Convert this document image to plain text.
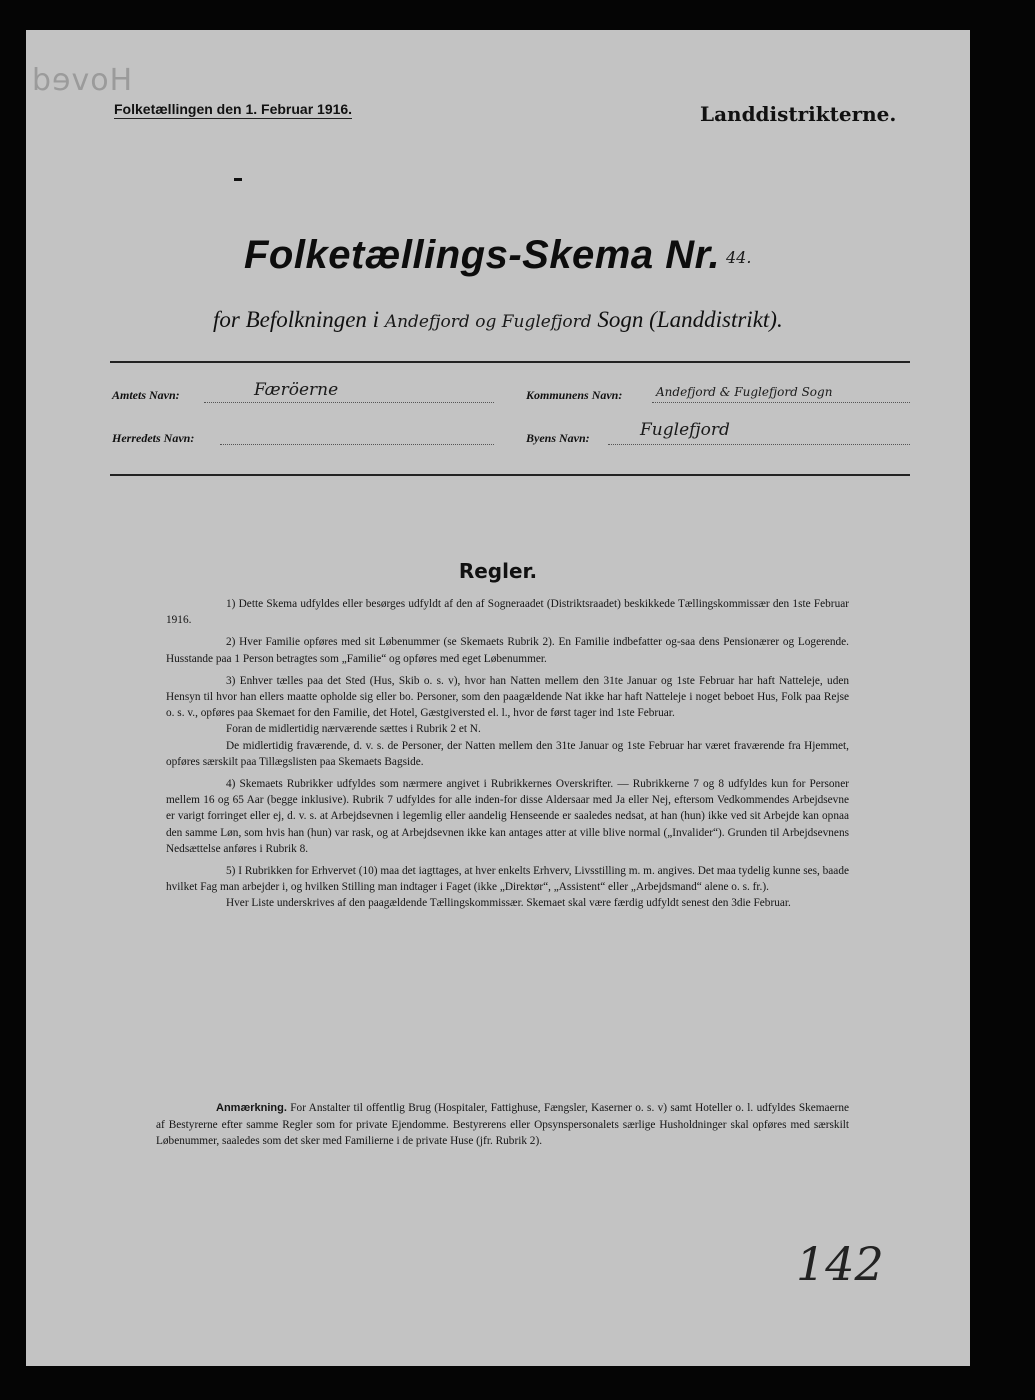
Hoved
Folketællingen den 1. Februar 1916.	Landdistrikterne.
Folketællings-Skema Nr. 44.
for Befolkningen i Andefjord og Fuglefjord Sogn (Landdistrikt).
Amtets Navn:	Færöerne	Kommunens Navn:	Andefjord & Fuglefjord Sogn
Herredets Navn:	Byens Navn:	Fuglefjord
Regler.

1) Dette Skema udfyldes eller besørges udfyldt af den af Sogneraadet (Distriktsraadet) beskikkede Tællingskommissær den 1ste Februar 1916.

2) Hver Familie opføres med sit Løbenummer (se Skemaets Rubrik 2). En Familie indbefatter og-saa dens Pensionærer og Logerende. Husstande paa 1 Person betragtes som „Familie“ og opføres med eget Løbenummer.

3) Enhver tælles paa det Sted (Hus, Skib o. s. v), hvor han Natten mellem den 31te Januar og 1ste Februar har haft Natteleje, uden Hensyn til hvor han ellers maatte opholde sig eller bo. Personer, som den paagældende Nat ikke har haft Natteleje i noget beboet Hus, Folk paa Rejse o. s. v., opføres paa Skemaet for den Familie, det Hotel, Gæstgiversted el. l., hvor de først tager ind 1ste Februar.

Foran de midlertidig nærværende sættes i Rubrik 2 et N.

De midlertidig fraværende, d. v. s. de Personer, der Natten mellem den 31te Januar og 1ste Februar har været fraværende fra Hjemmet, opføres særskilt paa Tillægslisten paa Skemaets Bagside.

4) Skemaets Rubrikker udfyldes som nærmere angivet i Rubrikkernes Overskrifter. — Rubrikkerne 7 og 8 udfyldes kun for Personer mellem 16 og 65 Aar (begge inklusive). Rubrik 7 udfyldes for alle inden-for disse Aldersaar med Ja eller Nej, eftersom Vedkommendes Arbejdsevne er varigt forringet eller ej, d. v. s. at Arbejdsevnen i legemlig eller aandelig Henseende er saaledes nedsat, at han (hun) ikke ved sit Arbejde kan opnaa den samme Løn, som hvis han (hun) var rask, og at Arbejdsevnen ikke kan antages atter at ville blive normal („Invalider“). Grunden til Arbejdsevnens Nedsættelse anføres i Rubrik 8.

5) I Rubrikken for Erhvervet (10) maa det iagttages, at hver enkelts Erhverv, Livsstilling m. m. angives. Det maa tydelig kunne ses, baade hvilket Fag man arbejder i, og hvilken Stilling man indtager i Faget (ikke „Direktør“, „Assistent“ eller „Arbejdsmand“ alene o. s. fr.).

Hver Liste underskrives af den paagældende Tællingskommissær. Skemaet skal være færdig udfyldt senest den 3die Februar.

Anmærkning. For Anstalter til offentlig Brug (Hospitaler, Fattighuse, Fængsler, Kaserner o. s. v) samt Hoteller o. l. udfyldes Skemaerne af Bestyrerne efter samme Regler som for private Ejendomme. Bestyrerens eller Opsynspersonalets særlige Husholdninger skal opføres med særskilt Løbenummer, saaledes som det sker med Familierne i de private Huse (jfr. Rubrik 2).

142
